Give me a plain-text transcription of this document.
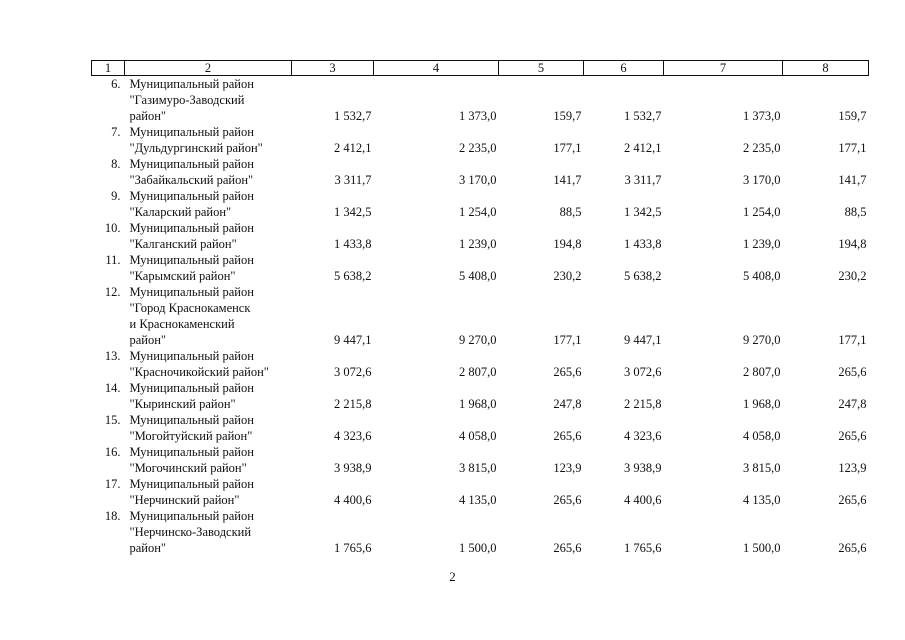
1	2	3	4	5	6	7	8
6.	Муниципальный район
"Газимуро-Заводский
район"	1 532,7	1 373,0	159,7	1 532,7	1 373,0	159,7
7.	Муниципальный район
"Дульдургинский район"	2 412,1	2 235,0	177,1	2 412,1	2 235,0	177,1
8.	Муниципальный район
"Забайкальский район"	3 311,7	3 170,0	141,7	3 311,7	3 170,0	141,7
9.	Муниципальный район
"Каларский район"	1 342,5	1 254,0	88,5	1 342,5	1 254,0	88,5
10.	Муниципальный район
"Калганский район"	1 433,8	1 239,0	194,8	1 433,8	1 239,0	194,8
11.	Муниципальный район
"Карымский район"	5 638,2	5 408,0	230,2	5 638,2	5 408,0	230,2
12.	Муниципальный район
"Город Краснокаменск
и Краснокаменский
район"	9 447,1	9 270,0	177,1	9 447,1	9 270,0	177,1
13.	Муниципальный район
"Красночикойский район"	3 072,6	2 807,0	265,6	3 072,6	2 807,0	265,6
14.	Муниципальный район
"Кыринский район"	2 215,8	1 968,0	247,8	2 215,8	1 968,0	247,8
15.	Муниципальный район
"Могойтуйский район"	4 323,6	4 058,0	265,6	4 323,6	4 058,0	265,6
16.	Муниципальный район
"Могочинский район"	3 938,9	3 815,0	123,9	3 938,9	3 815,0	123,9
17.	Муниципальный район
"Нерчинский район"	4 400,6	4 135,0	265,6	4 400,6	4 135,0	265,6
18.	Муниципальный район
"Нерчинско-Заводский
район"	1 765,6	1 500,0	265,6	1 765,6	1 500,0	265,6
2
